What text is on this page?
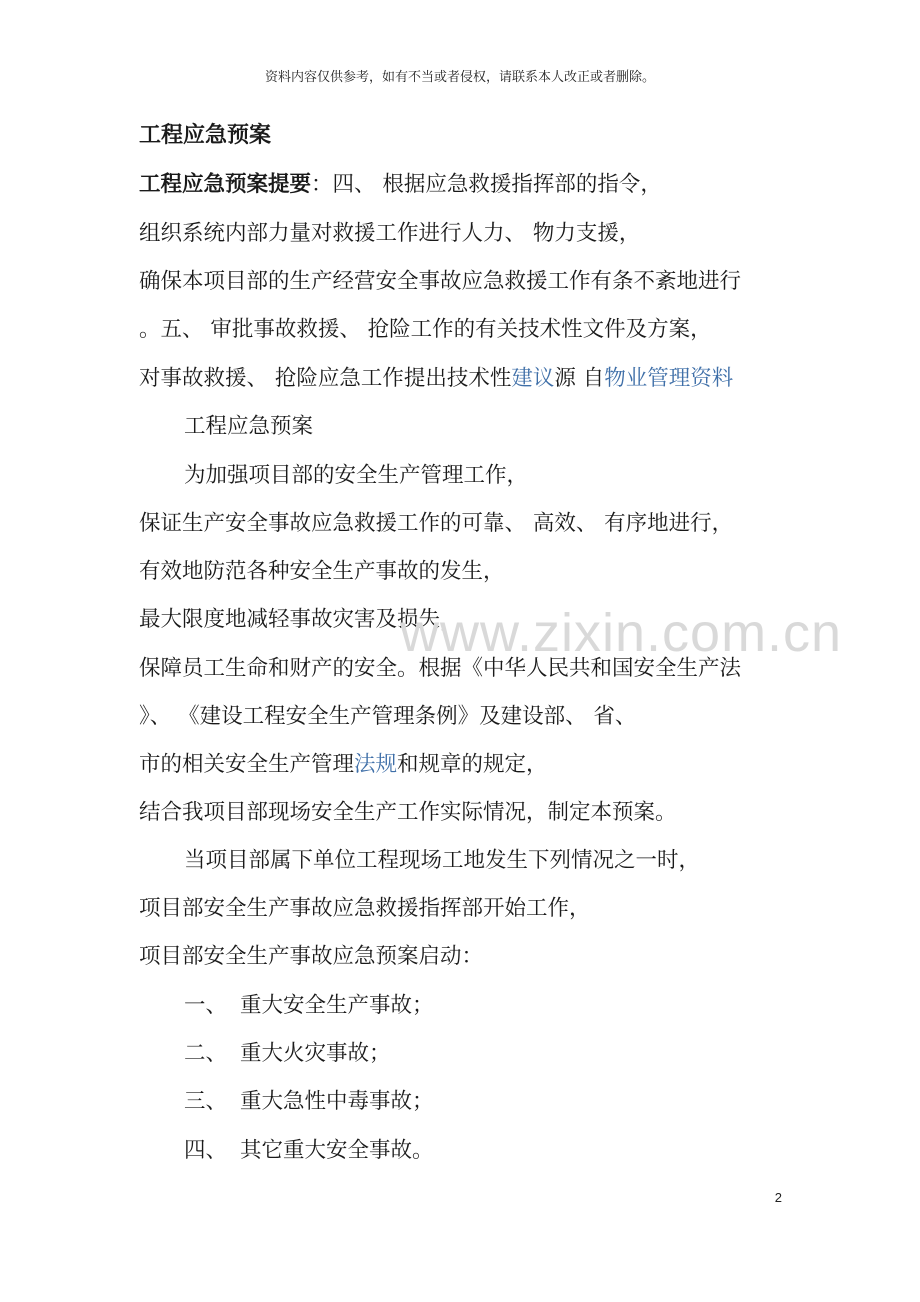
资料内容仅供参考，如有不当或者侵权，请联系本人改正或者删除。
工程应急预案
工程应急预案提要：四、 根据应急救援指挥部的指令，
组织系统内部力量对救援工作进行人力、 物力支援，
确保本项目部的生产经营安全事故应急救援工作有条不紊地进行
。五、 审批事故救援、 抢险工作的有关技术性文件及方案，
对事故救援、 抢险应急工作提出技术性建议源 自物业管理资料
工程应急预案
为加强项目部的安全生产管理工作，
保证生产安全事故应急救援工作的可靠、 高效、 有序地进行，
有效地防范各种安全生产事故的发生，
最大限度地减轻事故灾害及损失，
保障员工生命和财产的安全。根据《中华人民共和国安全生产法
》、 《建设工程安全生产管理条例》及建设部、 省、
市的相关安全生产管理法规和规章的规定，
结合我项目部现场安全生产工作实际情况，制定本预案。
当项目部属下单位工程现场工地发生下列情况之一时，
项目部安全生产事故应急救援指挥部开始工作，
项目部安全生产事故应急预案启动：
一、 重大安全生产事故；
二、 重大火灾事故；
三、 重大急性中毒事故；
四、 其它重大安全事故。
www.zixin.com.cn
2
